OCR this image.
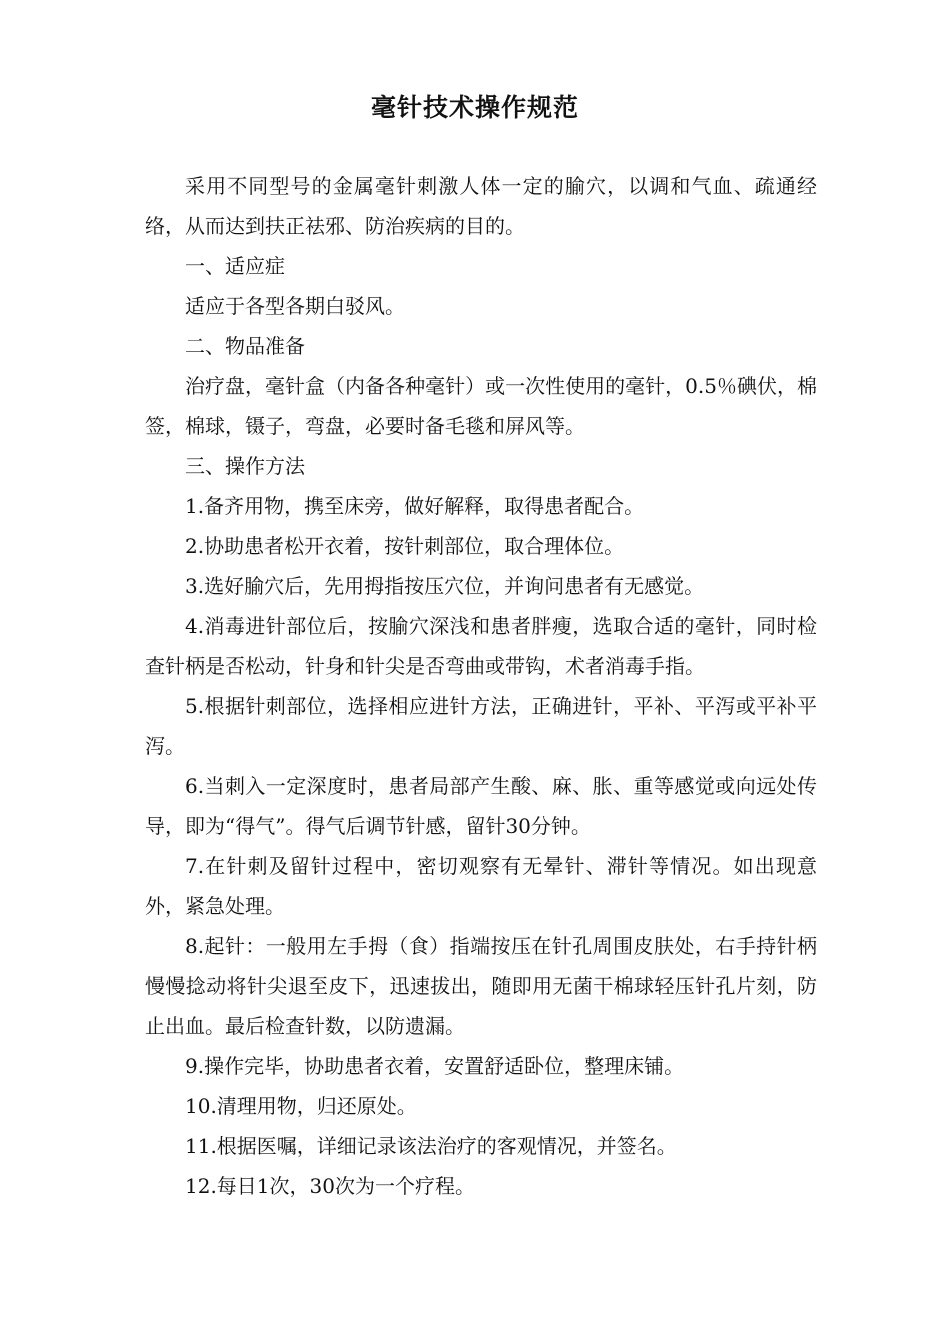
毫针技术操作规范

采用不同型号的金属毫针刺激人体一定的腧穴，以调和气血、疏通经络，从而达到扶正祛邪、防治疾病的目的。

一、适应症

适应于各型各期白驳风。

二、物品准备

治疗盘，毫针盒（内备各种毫针）或一次性使用的毫针，0.5％碘伏，棉签，棉球，镊子，弯盘，必要时备毛毯和屏风等。

三、操作方法

1.备齐用物，携至床旁，做好解释，取得患者配合。

2.协助患者松开衣着，按针刺部位，取合理体位。

3.选好腧穴后，先用拇指按压穴位，并询问患者有无感觉。

4.消毒进针部位后，按腧穴深浅和患者胖瘦，选取合适的毫针，同时检查针柄是否松动，针身和针尖是否弯曲或带钩，术者消毒手指。

5.根据针刺部位，选择相应进针方法，正确进针，平补、平泻或平补平泻。

6.当刺入一定深度时，患者局部产生酸、麻、胀、重等感觉或向远处传导，即为“得气”。得气后调节针感，留针30分钟。

7.在针刺及留针过程中，密切观察有无晕针、滞针等情况。如出现意外，紧急处理。

8.起针：一般用左手拇（食）指端按压在针孔周围皮肤处，右手持针柄慢慢捻动将针尖退至皮下，迅速拔出，随即用无菌干棉球轻压针孔片刻，防止出血。最后检查针数，以防遗漏。

9.操作完毕，协助患者衣着，安置舒适卧位，整理床铺。

10.清理用物，归还原处。

11.根据医嘱，详细记录该法治疗的客观情况，并签名。

12.每日1次，30次为一个疗程。
